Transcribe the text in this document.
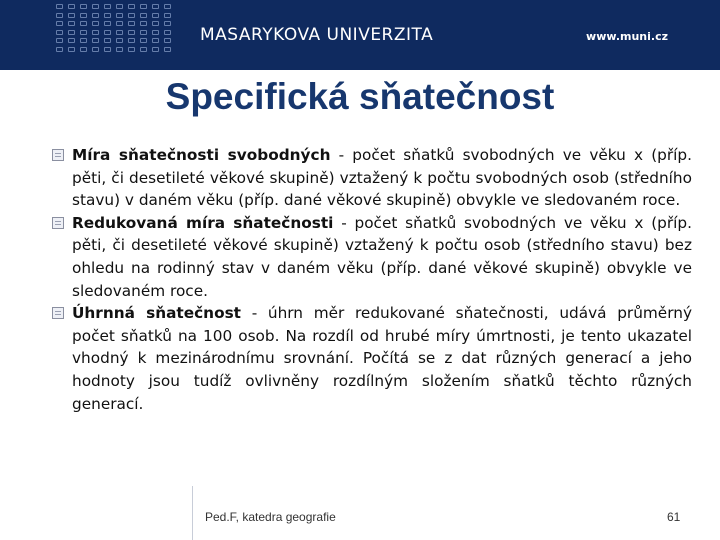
MASARYKOVA UNIVERZITA	www.muni.cz
Specifická sňatečnost

Míra sňatečnosti svobodných - počet sňatků svobodných ve věku x (příp. pěti, či desetileté věkové skupině) vztažený k počtu svobodných osob (středního stavu) v daném věku (příp. dané věkové skupině) obvykle ve sledovaném roce.

Redukovaná míra sňatečnosti - počet sňatků svobodných ve věku x (příp. pěti, či desetileté věkové skupině) vztažený k počtu osob (středního stavu) bez ohledu na rodinný stav v daném věku (příp. dané věkové skupině) obvykle ve sledovaném roce.

Úhrnná sňatečnost - úhrn měr redukované sňatečnosti, udává průměrný počet sňatků na 100 osob. Na rozdíl od hrubé míry úmrtnosti, je tento ukazatel vhodný k mezinárodnímu srovnání. Počítá se z dat různých generací a jeho hodnoty jsou tudíž ovlivněny rozdílným složením sňatků těchto různých generací.

Ped.F, katedra geografie	61
